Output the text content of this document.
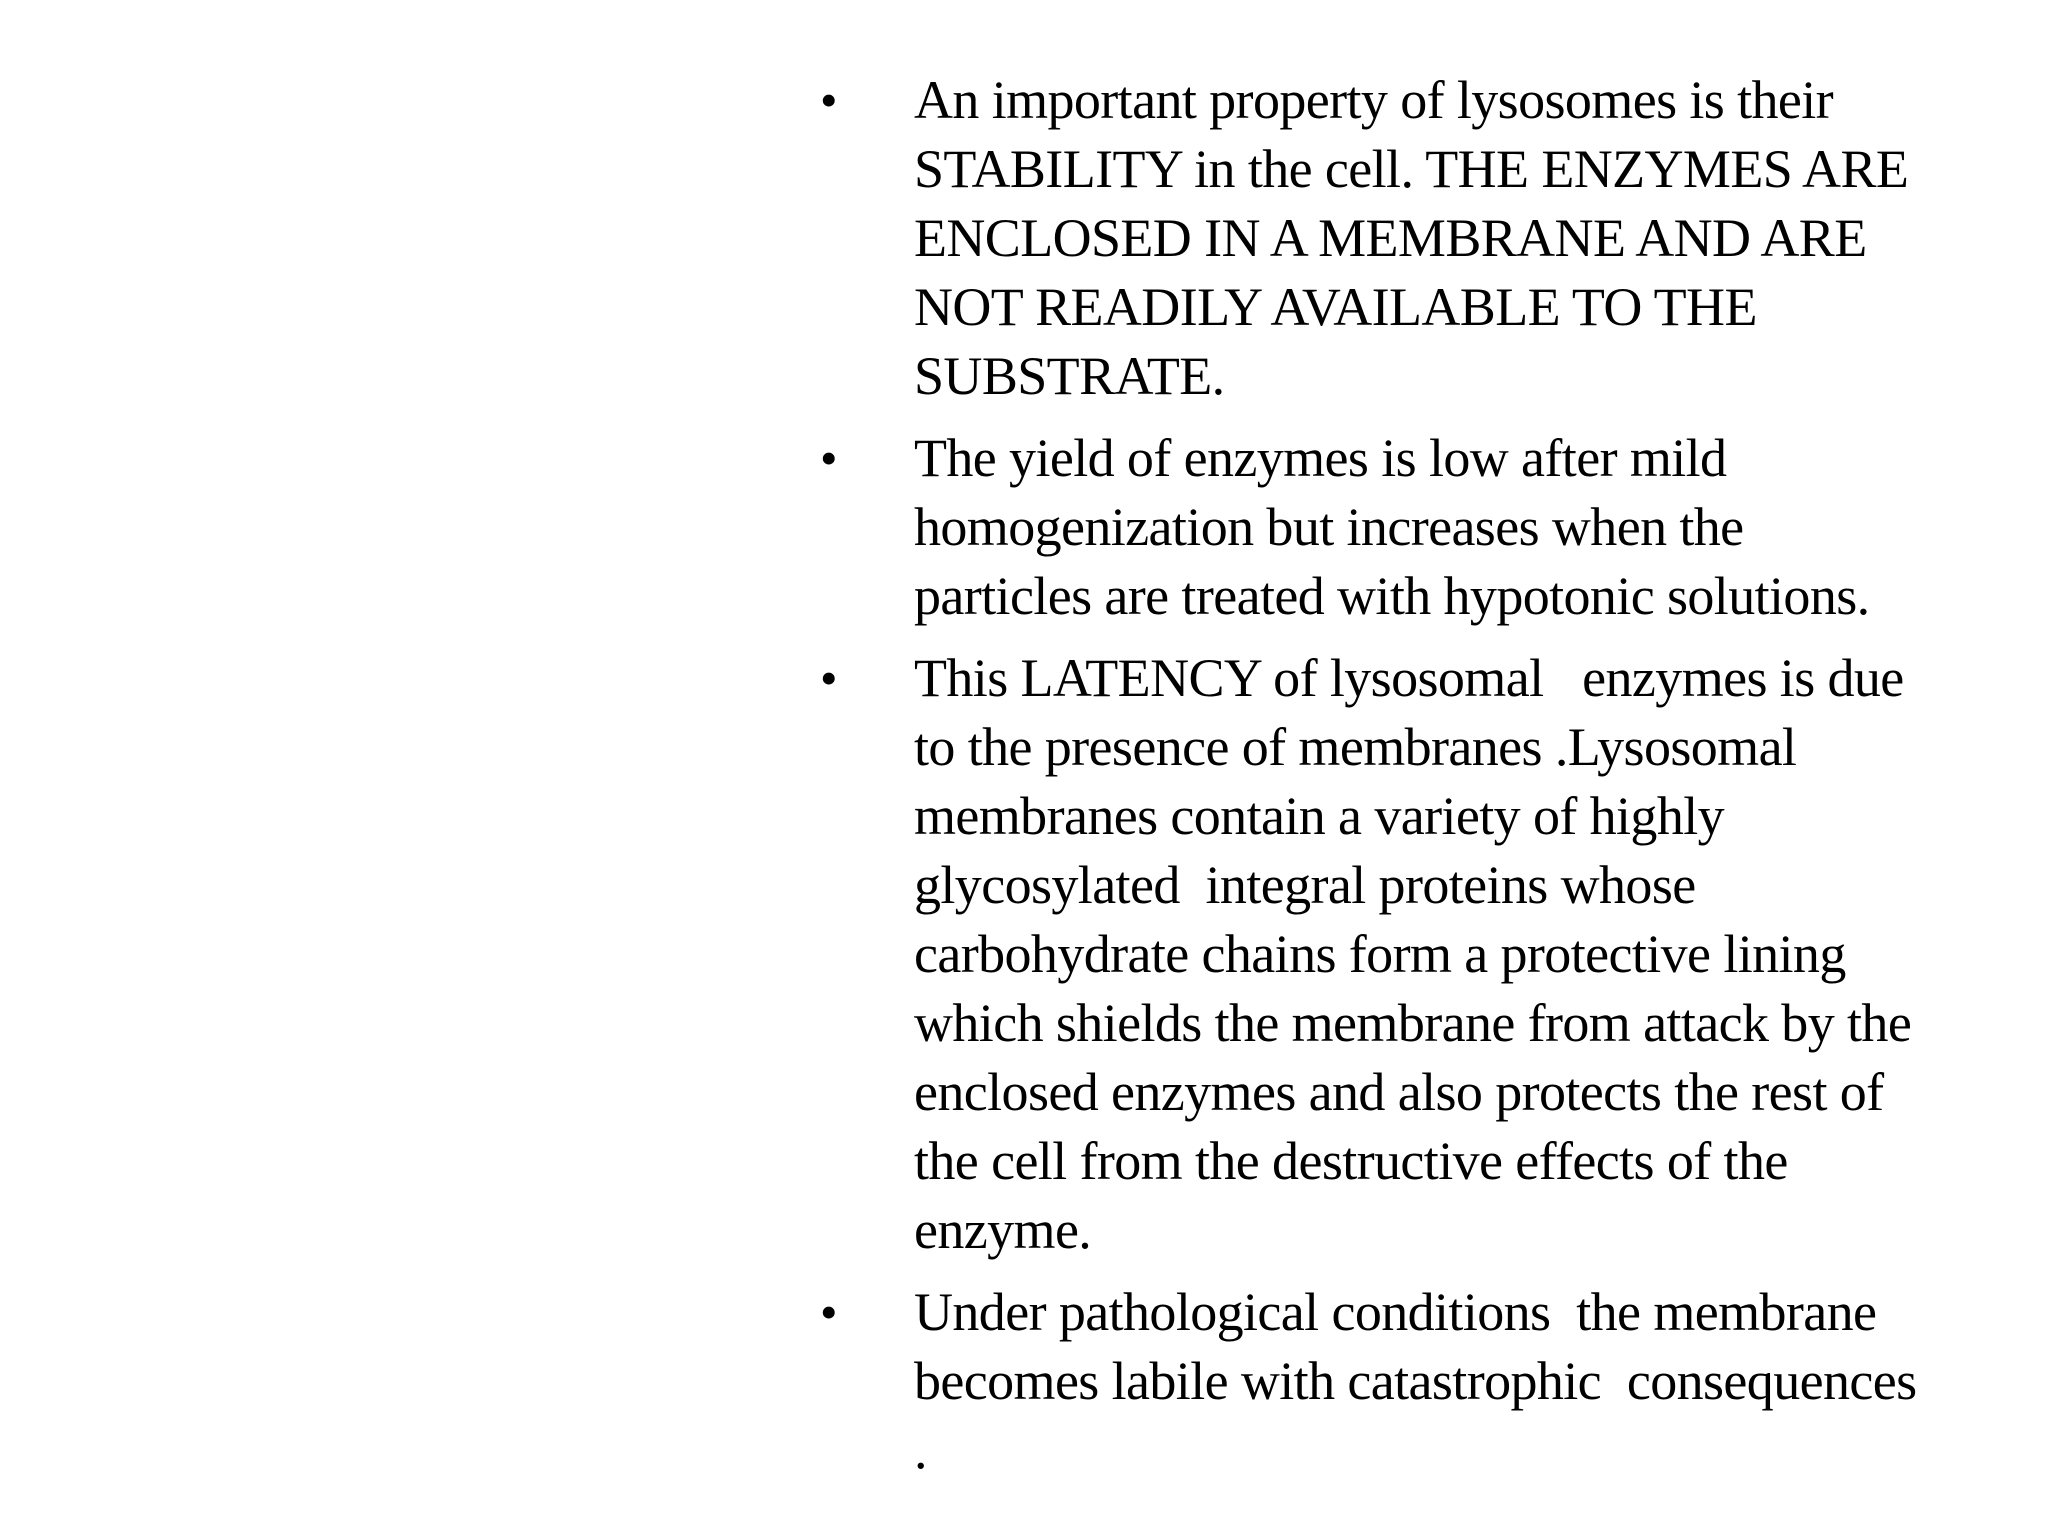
• An important property of lysosomes is their
STABILITY in the cell. THE ENZYMES ARE
ENCLOSED IN A MEMBRANE AND ARE
NOT READILY AVAILABLE TO THE
SUBSTRATE.
• The yield of enzymes is low after mild
homogenization but increases when the
particles are treated with hypotonic solutions.
• This LATENCY of lysosomal   enzymes is due
to the presence of membranes .Lysosomal
membranes contain a variety of highly
glycosylated  integral proteins whose
carbohydrate chains form a protective lining
which shields the membrane from attack by the
enclosed enzymes and also protects the rest of
the cell from the destructive effects of the
enzyme.
• Under pathological conditions  the membrane
becomes labile with catastrophic  consequences
.
